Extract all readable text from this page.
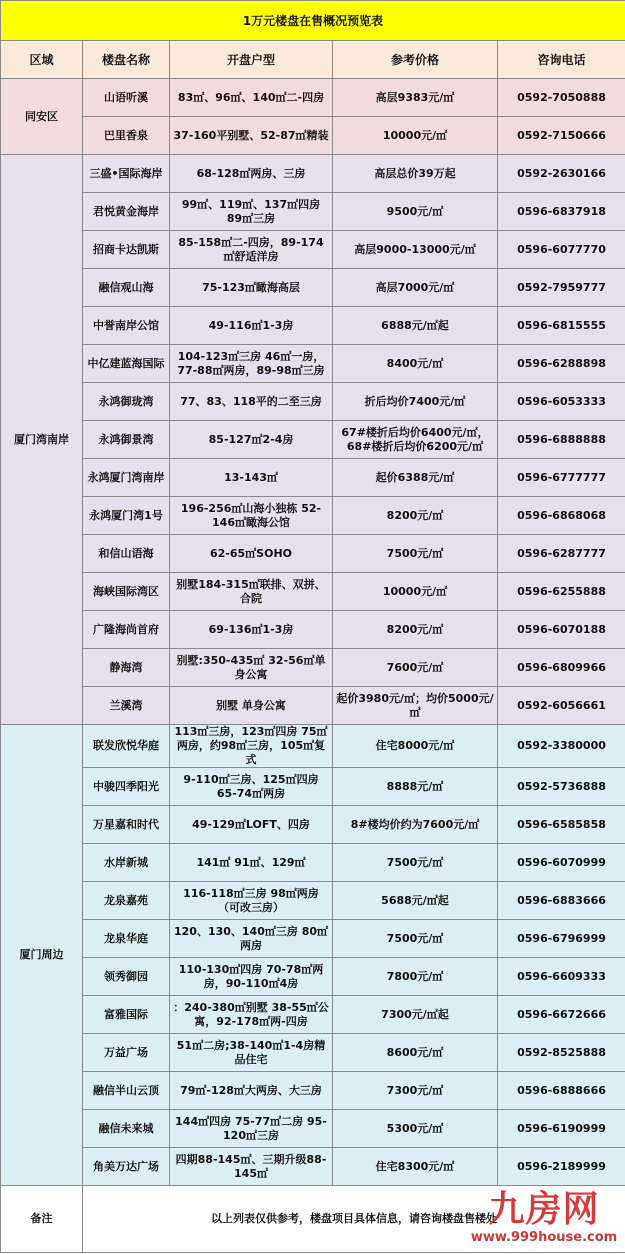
1万元楼盘在售概况预览表				
区域	楼盘名称	开盘户型	参考价格	咨询电话
同安区	山语听溪	83㎡、96㎡、140㎡二-四房	高层9383元/㎡	0592-7050888
	巴里香泉	37-160平别墅、52-87㎡精装	10000元/㎡	0592-7150666
厦门湾南岸	三盛•国际海岸	68-128㎡两房、三房	高层总价39万起	0592-2630166
	君悦黄金海岸	99㎡、119㎡、137㎡四房 89㎡三房	9500元/㎡	0596-6837918
	招商卡达凯斯	85-158㎡二-四房，89-174㎡舒适洋房	高层9000-13000元/㎡	0596-6077770
	融信观山海	75-123㎡瞰海高层	高层7000元/㎡	0592-7959777
	中誉南岸公馆	49-116㎡1-3房	6888元/㎡起	0596-6815555
	中亿建蓝海国际	104-123㎡三房 46㎡一房，77-88㎡两房，89-98㎡三房	8400元/㎡	0596-6288898
	永鸿御珑湾	77、83、118平的二至三房	折后均价7400元/㎡	0596-6053333
	永鸿御景湾	85-127㎡2-4房	67#楼折后均价6400元/㎡，68#楼折后均价6200元/㎡	0596-6888888
	永鸿厦门湾南岸	13-143㎡	起价6388元/㎡	0596-6777777
	永鸿厦门湾1号	196-256㎡山海小独栋 52-146㎡瞰海公馆	8200元/㎡	0596-6868068
	和信山语海	62-65㎡SOHO	7500元/㎡	0596-6287777
	海峡国际湾区	别墅184-315㎡联排、双拼、合院	10000元/㎡	0596-6255888
	广隆海尚首府	69-136㎡1-3房	8200元/㎡	0596-6070188
	静海湾	别墅:350-435㎡ 32-56㎡单身公寓	7600元/㎡	0596-6809966
	兰溪湾	别墅 单身公寓	起价3980元/㎡；均价5000元/㎡	0592-6056661
厦门周边	联发欣悦华庭	113㎡三房，123㎡四房 75㎡两房，约98㎡三房，105㎡复式	住宅8000元/㎡	0592-3380000
	中骏四季阳光	9-110㎡三房、125㎡四房 65-74㎡两房	8888元/㎡	0592-5736888
	万星嘉和时代	49-129㎡LOFT、四房	8#楼均价约为7600元/㎡	0596-6585858
	水岸新城	141㎡ 91㎡、129㎡	7500元/㎡	0596-6070999
	龙泉嘉苑	116-118㎡三房 98㎡两房（可改三房）	5688元/㎡起	0596-6883666
	龙泉华庭	120、130、140㎡三房 80㎡两房	7500元/㎡	0596-6796999
	领秀御园	110-130㎡四房 70-78㎡两房，90-110㎡4房	7800元/㎡	0596-6609333
	富雅国际	：240-380㎡别墅 38-55㎡公寓，92-178㎡两-四房	7300元/㎡起	0596-6672666
	万益广场	51㎡二房;38-140㎡1-4房精品住宅	8600元/㎡	0592-8525888
	融信半山云顶	79㎡-128㎡大两房、大三房	7300元/㎡	0596-6888666
	融信未来城	144㎡四房 75-77㎡二房 95-120㎡三房	5300元/㎡	0596-6190999
	角美万达广场	四期88-145㎡、三期升级88-145㎡	住宅8300元/㎡	0596-2189999
备注	以上列表仅供参考，楼盘项目具体信息，请咨询楼盘售楼处
九房网
www.999house.com			
